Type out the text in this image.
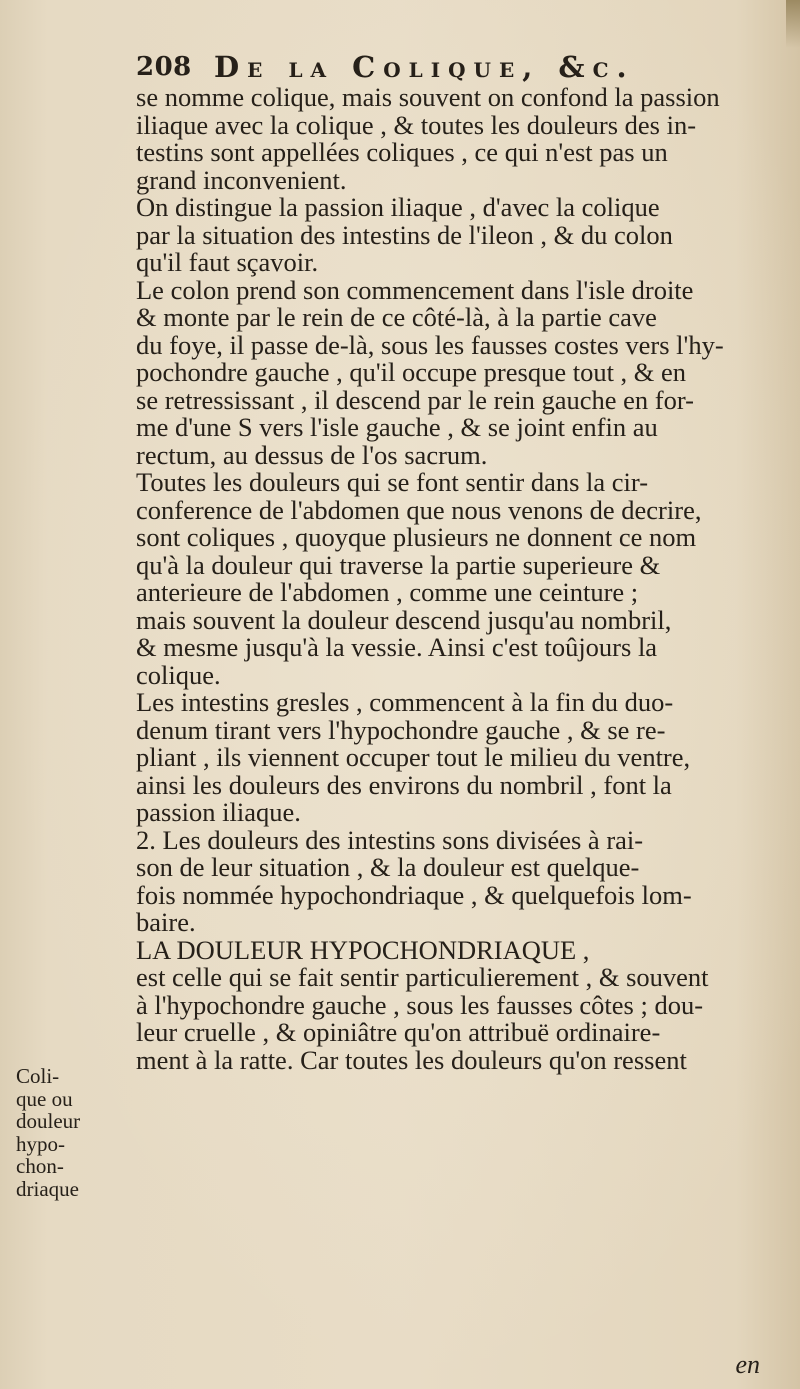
208 De la Colique, &c.
se nomme colique, mais souvent on confond la passion
iliaque avec la colique , & toutes les douleurs des in-
testins sont appellées coliques , ce qui n'est pas un
grand inconvenient.
On distingue la passion iliaque , d'avec la colique
par la situation des intestins de l'ileon , & du colon
qu'il faut sçavoir.
Le colon prend son commencement dans l'isle droite
& monte par le rein de ce côté-là, à la partie cave
du foye, il passe de-là, sous les fausses costes vers l'hy-
pochondre gauche , qu'il occupe presque tout , & en
se retressissant , il descend par le rein gauche en for-
me d'une S vers l'isle gauche , & se joint enfin au
rectum, au dessus de l'os sacrum.
Toutes les douleurs qui se font sentir dans la cir-
conference de l'abdomen que nous venons de decrire,
sont coliques , quoyque plusieurs ne donnent ce nom
qu'à la douleur qui traverse la partie superieure &
anterieure de l'abdomen , comme une ceinture ;
mais souvent la douleur descend jusqu'au nombril,
& mesme jusqu'à la vessie. Ainsi c'est toûjours la
colique.
Les intestins gresles , commencent à la fin du duo-
denum tirant vers l'hypochondre gauche , & se re-
pliant , ils viennent occuper tout le milieu du ventre,
ainsi les douleurs des environs du nombril , font la
passion iliaque.
2. Les douleurs des intestins sons divisées à rai-
son de leur situation , & la douleur est quelque-
fois nommée hypochondriaque , & quelquefois lom-
baire.
LA DOULEUR HYPOCHONDRIAQUE ,
est celle qui se fait sentir particulierement , & souvent
à l'hypochondre gauche , sous les fausses côtes ; dou-
leur cruelle , & opiniâtre qu'on attribuë ordinaire-
ment à la ratte. Car toutes les douleurs qu'on ressent
Coli-
que ou
douleur
hypo-
chon-
driaque
en
